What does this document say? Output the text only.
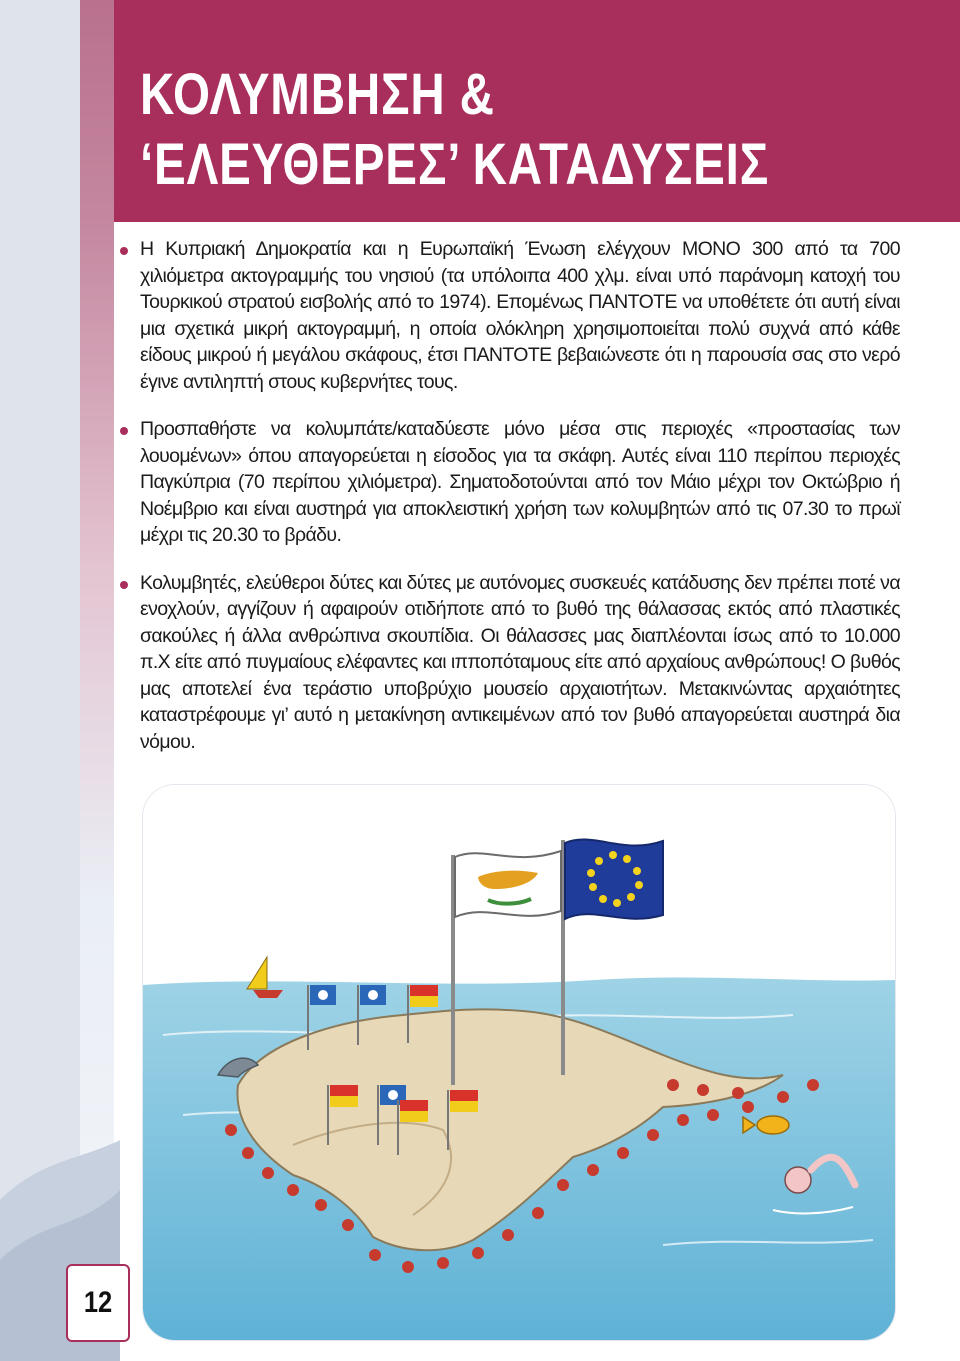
ΚΟΛΥΜΒΗΣΗ &
‘ΕΛΕΥΘΕΡΕΣ’ ΚΑΤΑΔΥΣΕΙΣ

Η Κυπριακή Δημοκρατία και η Ευρωπαϊκή Ένωση ελέγχουν ΜΟΝΟ 300 από τα 700 χιλιόμετρα ακτογραμμής του νησιού (τα υπόλοιπα 400 χλμ. είναι υπό παράνομη κατοχή του Τουρκικού στρατού εισβολής από το 1974). Επομένως ΠΑΝΤΟΤΕ να υποθέτετε ότι αυτή είναι μια σχετικά μικρή ακτογραμμή, η οποία ολόκληρη χρησιμοποιείται πολύ συχνά από κάθε είδους μικρού ή μεγάλου σκάφους, έτσι ΠΑΝΤΟΤΕ βεβαιώνεστε ότι η παρουσία σας στο νερό έγινε αντιληπτή στους κυβερνήτες τους.

Προσπαθήστε να κολυμπάτε/καταδύεστε μόνο μέσα στις περιοχές «προστασίας των λουομένων» όπου απαγορεύεται η είσοδος για τα σκάφη. Αυτές είναι 110 περίπου περιοχές Παγκύπρια (70 περίπου χιλιόμετρα). Σηματοδοτούνται από τον Μάιο μέχρι τον Οκτώβριο ή Νοέμβριο και είναι αυστηρά για αποκλειστική χρήση των κολυμβητών από τις 07.30 το πρωϊ μέχρι τις 20.30 το βράδυ.

Κολυμβητές, ελεύθεροι δύτες και δύτες με αυτόνομες συσκευές κατάδυσης δεν πρέπει ποτέ να ενοχλούν, αγγίζουν ή αφαιρούν οτιδήποτε από το βυθό της θάλασσας εκτός από πλαστικές σακούλες ή άλλα ανθρώπινα σκουπίδια. Οι θάλασσες μας διαπλέονται ίσως από το 10.000 π.Χ είτε από πυγμαίους ελέφαντες και ιπποπόταμους είτε από αρχαίους ανθρώπους! Ο βυθός μας αποτελεί ένα τεράστιο υποβρύχιο μουσείο αρχαιοτήτων. Μετακινώντας αρχαιότητες καταστρέφουμε γι’ αυτό η μετακίνηση αντικειμένων από τον βυθό απαγορεύεται αυστηρά δια νόμου.

12
